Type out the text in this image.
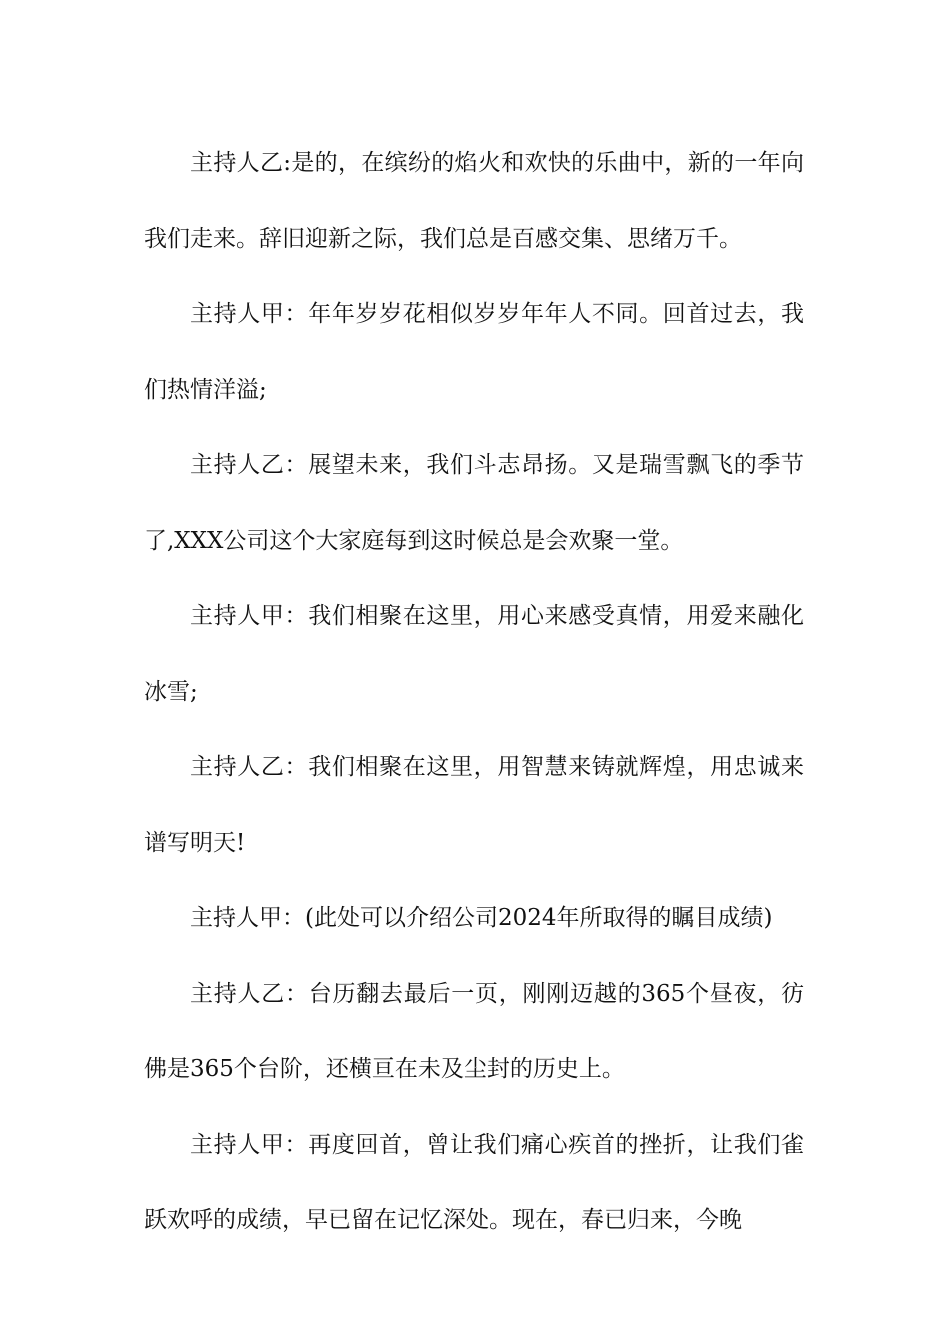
主持人乙:是的，在缤纷的焰火和欢快的乐曲中，新的一年向我们走来。辞旧迎新之际，我们总是百感交集、思绪万千。

主持人甲：年年岁岁花相似岁岁年年人不同。回首过去，我们热情洋溢;

主持人乙：展望未来，我们斗志昂扬。又是瑞雪飘飞的季节了,XXX公司这个大家庭每到这时候总是会欢聚一堂。

主持人甲：我们相聚在这里，用心来感受真情，用爱来融化冰雪;

主持人乙：我们相聚在这里，用智慧来铸就辉煌，用忠诚来谱写明天!

主持人甲：(此处可以介绍公司2024年所取得的瞩目成绩)

主持人乙：台历翻去最后一页，刚刚迈越的365个昼夜，彷佛是365个台阶，还横亘在未及尘封的历史上。

主持人甲：再度回首，曾让我们痛心疾首的挫折，让我们雀跃欢呼的成绩，早已留在记忆深处。现在，春已归来，今晚
